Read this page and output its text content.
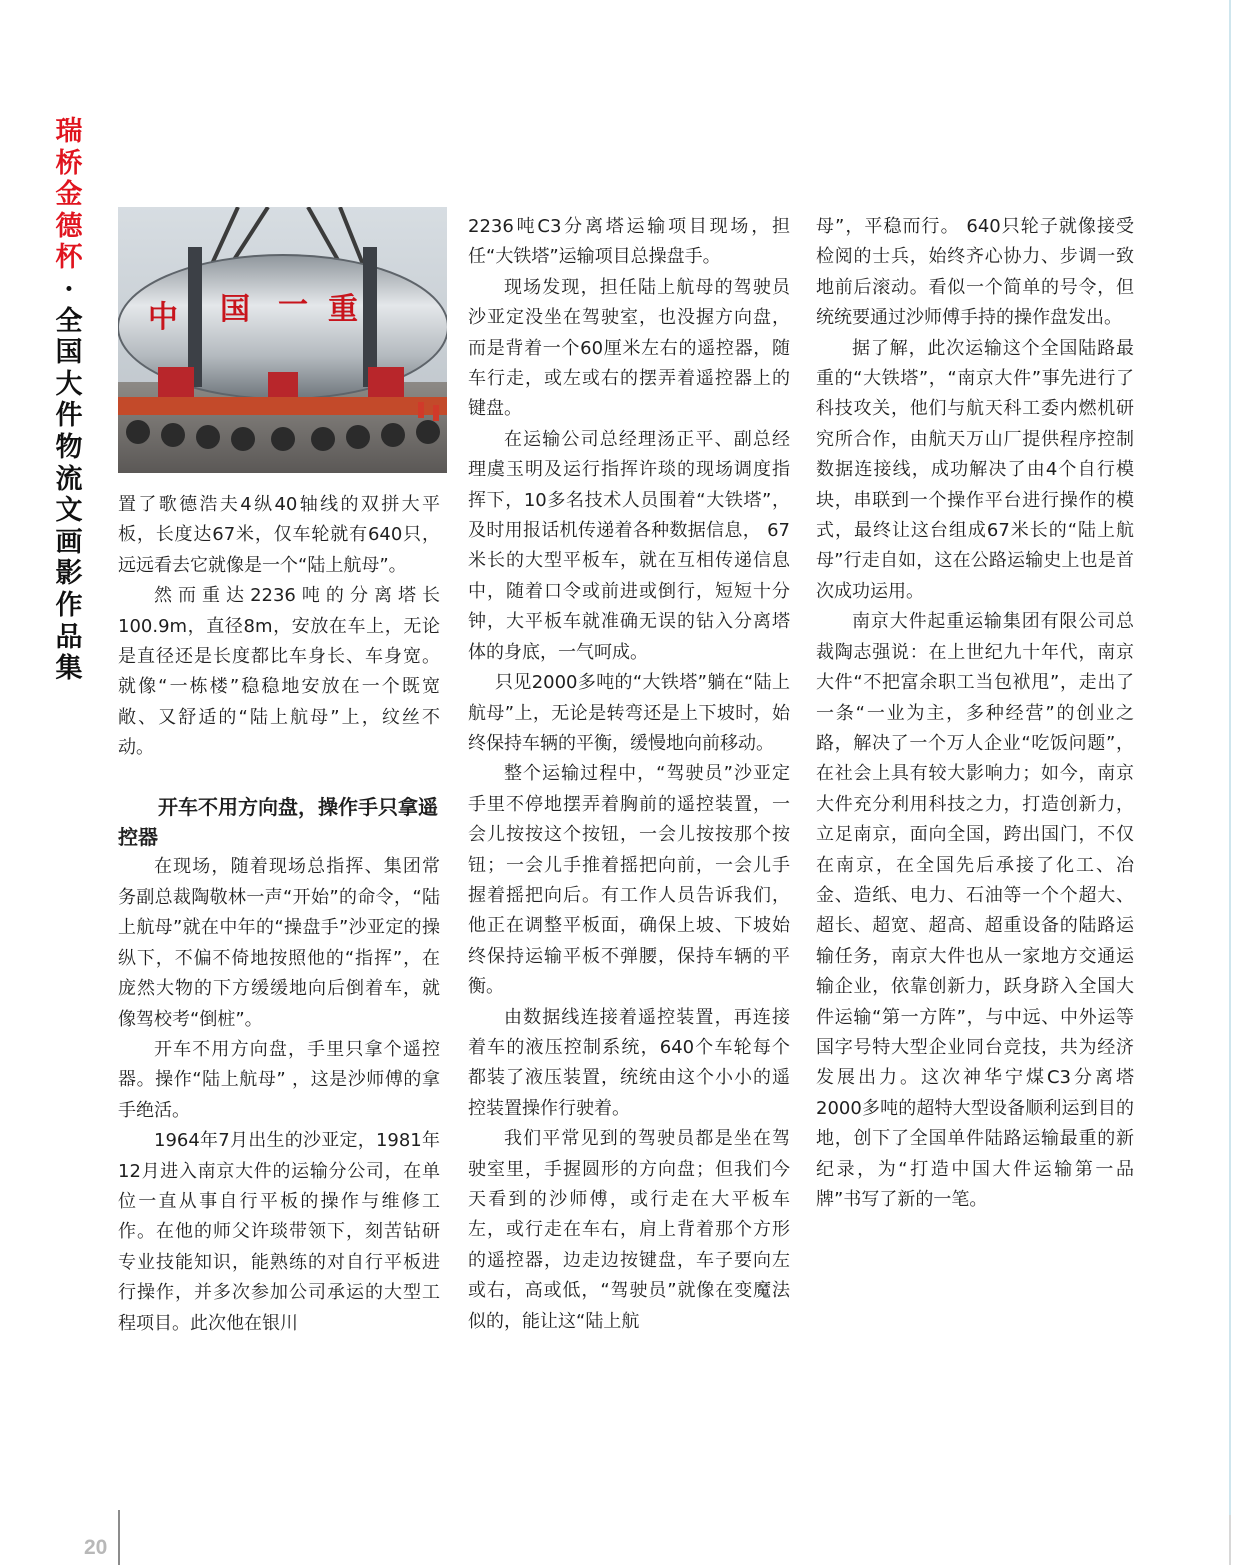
瑞
桥
金
德
杯
·
全
国
大
件
物
流
文
画
影
作
品
集
中 国 一 重

置了歌德浩夫4纵40轴线的双拼大平板，长度达67米，仅车轮就有640只，远远看去它就像是一个“陆上航母”。

然而重达2236吨的分离塔长100.9m，直径8m，安放在车上，无论是直径还是长度都比车身长、车身宽。就像“一栋楼”稳稳地安放在一个既宽敞、又舒适的“陆上航母”上，纹丝不动。

开车不用方向盘，操作手只拿遥控器

在现场，随着现场总指挥、集团常务副总裁陶敬林一声“开始”的命令，“陆上航母”就在中年的“操盘手”沙亚定的操纵下，不偏不倚地按照他的“指挥”，在庞然大物的下方缓缓地向后倒着车，就像驾校考“倒桩”。

开车不用方向盘，手里只拿个遥控器。操作“陆上航母” ，这是沙师傅的拿手绝活。

1964年7月出生的沙亚定，1981年12月进入南京大件的运输分公司，在单位一直从事自行平板的操作与维修工作。在他的师父许琰带领下，刻苦钻研专业技能知识，能熟练的对自行平板进行操作，并多次参加公司承运的大型工程项目。此次他在银川

2236吨C3分离塔运输项目现场，担任“大铁塔”运输项目总操盘手。

现场发现，担任陆上航母的驾驶员沙亚定没坐在驾驶室，也没握方向盘，而是背着一个60厘米左右的遥控器，随车行走，或左或右的摆弄着遥控器上的键盘。

在运输公司总经理汤正平、副总经理虞玉明及运行指挥许琰的现场调度指挥下，10多名技术人员围着“大铁塔”，及时用报话机传递着各种数据信息， 67米长的大型平板车，就在互相传递信息中，随着口令或前进或倒行，短短十分钟，大平板车就准确无误的钻入分离塔体的身底，一气呵成。

只见2000多吨的“大铁塔”躺在“陆上航母”上，无论是转弯还是上下坡时，始终保持车辆的平衡，缓慢地向前移动。

整个运输过程中，“驾驶员”沙亚定手里不停地摆弄着胸前的遥控装置，一会儿按按这个按钮，一会儿按按那个按钮；一会儿手推着摇把向前，一会儿手握着摇把向后。有工作人员告诉我们，他正在调整平板面，确保上坡、下坡始终保持运输平板不弹腰，保持车辆的平衡。

由数据线连接着遥控装置，再连接着车的液压控制系统，640个车轮每个都装了液压装置，统统由这个小小的遥控装置操作行驶着。

我们平常见到的驾驶员都是坐在驾驶室里，手握圆形的方向盘；但我们今天看到的沙师傅，或行走在大平板车左，或行走在车右，肩上背着那个方形的遥控器，边走边按键盘，车子要向左或右，高或低，“驾驶员”就像在变魔法似的，能让这“陆上航

母”，平稳而行。 640只轮子就像接受检阅的士兵，始终齐心协力、步调一致地前后滚动。看似一个简单的号令，但统统要通过沙师傅手持的操作盘发出。

据了解，此次运输这个全国陆路最重的“大铁塔”，“南京大件”事先进行了科技攻关，他们与航天科工委内燃机研究所合作，由航天万山厂提供程序控制数据连接线，成功解决了由4个自行模块，串联到一个操作平台进行操作的模式，最终让这台组成67米长的“陆上航母”行走自如，这在公路运输史上也是首次成功运用。

南京大件起重运输集团有限公司总裁陶志强说：在上世纪九十年代，南京大件“不把富余职工当包袱甩”，走出了一条“一业为主，多种经营”的创业之路，解决了一个万人企业“吃饭问题”，在社会上具有较大影响力；如今，南京大件充分利用科技之力，打造创新力，立足南京，面向全国，跨出国门，不仅在南京，在全国先后承接了化工、冶金、造纸、电力、石油等一个个超大、超长、超宽、超高、超重设备的陆路运输任务，南京大件也从一家地方交通运输企业，依靠创新力，跃身跻入全国大件运输“第一方阵”，与中远、中外运等国字号特大型企业同台竞技，共为经济发展出力。这次神华宁煤C3分离塔2000多吨的超特大型设备顺利运到目的地，创下了全国单件陆路运输最重的新纪录，为“打造中国大件运输第一品牌”书写了新的一笔。

20
